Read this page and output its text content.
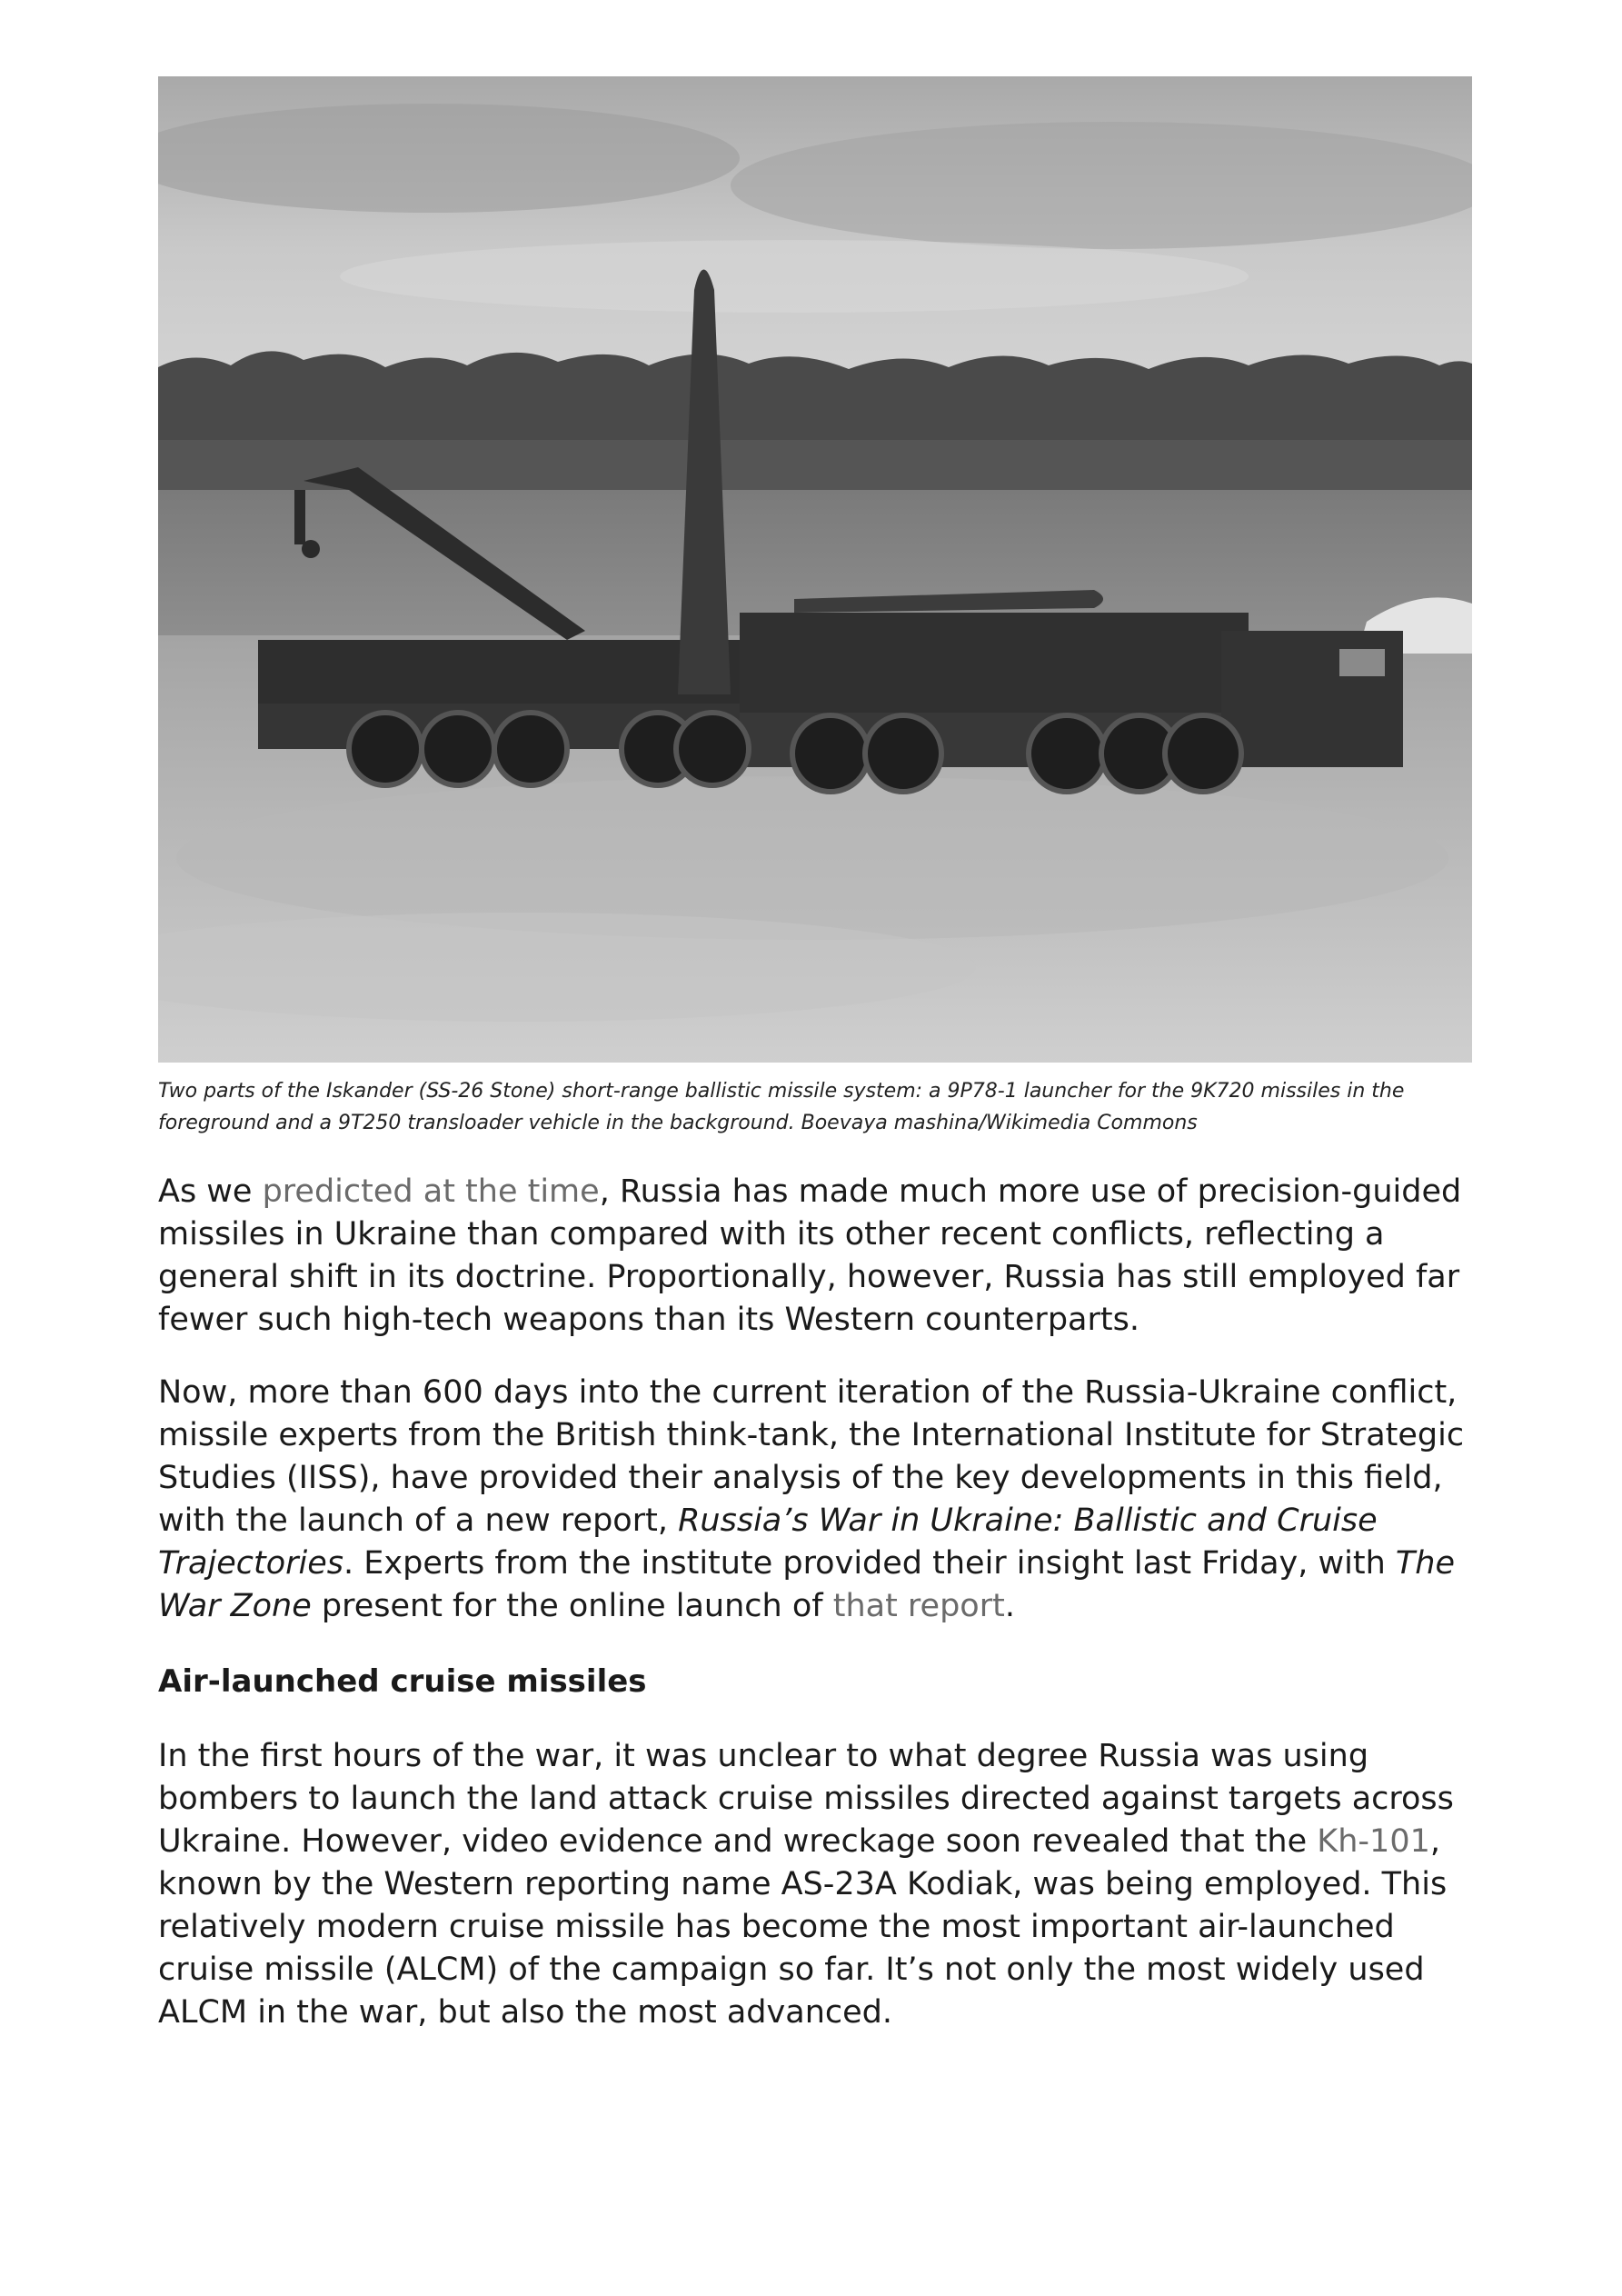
Two parts of the Iskander (SS-26 Stone) short-range ballistic missile system: a 9P78-1 launcher for the 9K720 missiles in the foreground and a 9T250 transloader vehicle in the background. Boevaya mashina/Wikimedia Commons

As we predicted at the time, Russia has made much more use of precision-guided missiles in Ukraine than compared with its other recent conflicts, reflecting a general shift in its doctrine. Proportionally, however, Russia has still employed far fewer such high-tech weapons than its Western counterparts.

Now, more than 600 days into the current iteration of the Russia-Ukraine conflict, missile experts from the British think-tank, the International Institute for Strategic Studies (IISS), have provided their analysis of the key developments in this field, with the launch of a new report, Russia’s War in Ukraine: Ballistic and Cruise Trajectories. Experts from the institute provided their insight last Friday, with The War Zone present for the online launch of that report.

Air-launched cruise missiles

In the first hours of the war, it was unclear to what degree Russia was using bombers to launch the land attack cruise missiles directed against targets across Ukraine. However, video evidence and wreckage soon revealed that the Kh-101, known by the Western reporting name AS-23A Kodiak, was being employed. This relatively modern cruise missile has become the most important air-launched cruise missile (ALCM) of the campaign so far. It’s not only the most widely used ALCM in the war, but also the most advanced.
